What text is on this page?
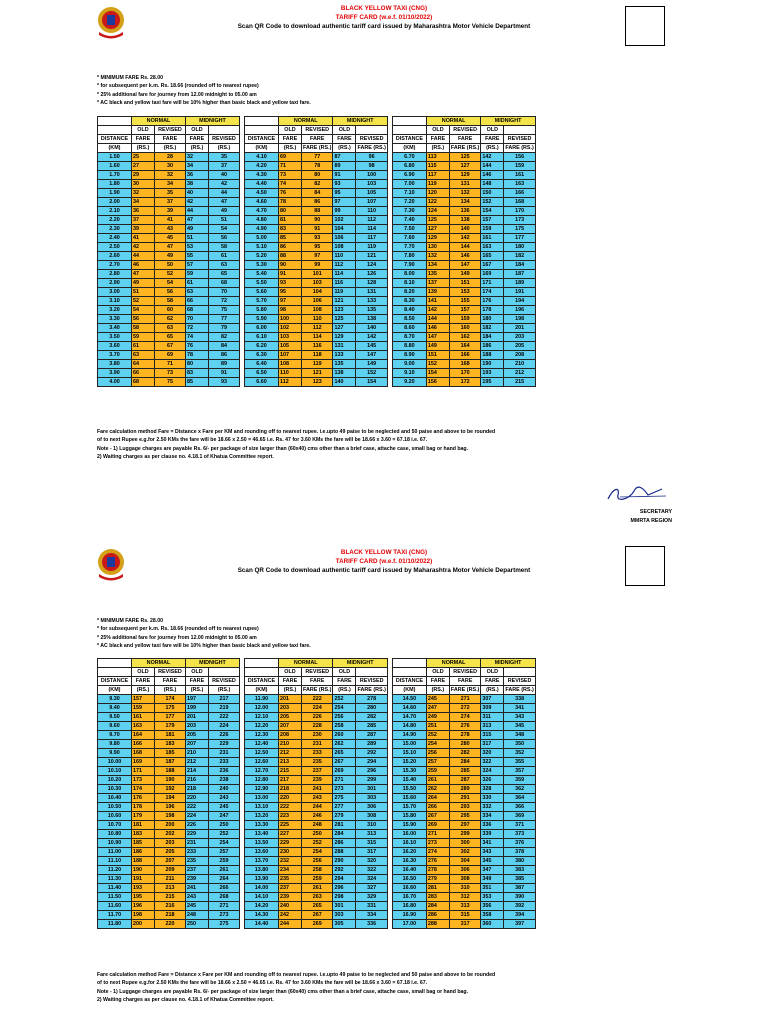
BLACK YELLOW TAXI (CNG)
TARIFF CARD (w.e.f. 01/10/2022)
Scan QR Code to download authentic tariff card issued by Maharashtra Motor Vehicle Department
* MINIMUM FARE Rs. 28.00
* for subsequent per k.m. Rs. 18.66 (rounded off to nearest rupee)
* 25% additional fare for journey from 12.00 midnight to 05.00 am
* AC black and yellow taxi fare will be 10% higher than basic black and yellow taxi fare.
	NORMAL		MIDNIGHT	
	OLD	REVISED	OLD	
DISTANCE	FARE	FARE	FARE	REVISED
(KM)	(RS.)	(RS.)	(RS.)	(RS.)
1.50	25	28	32	35
1.60	27	30	34	37
1.70	29	32	36	40
1.80	30	34	38	42
1.90	32	35	40	44
2.00	34	37	42	47
2.10	36	39	44	49
2.20	37	41	47	51
2.30	39	43	49	54
2.40	41	45	51	56
2.50	42	47	53	58
2.60	44	49	55	61
2.70	46	50	57	63
2.80	47	52	59	65
2.90	49	54	61	68
3.00	51	56	63	70
3.10	52	58	66	72
3.20	54	60	68	75
3.30	56	62	70	77
3.40	58	63	72	79
3.50	59	65	74	82
3.60	61	67	76	84
3.70	63	69	78	86
3.80	64	71	80	89
3.90	66	73	83	91
4.00	68	75	85	93
	NORMAL		MIDNIGHT	
	OLD	REVISED	OLD	
DISTANCE	FARE	FARE	FARE	REVISED
(KM)	(RS.)	FARE (RS.)	(RS.)	FARE (RS.)
4.10	69	77	87	96
4.20	71	78	89	98
4.30	73	80	91	100
4.40	74	82	93	103
4.50	76	84	95	105
4.60	78	86	97	107
4.70	80	88	99	110
4.80	81	90	102	112
4.90	83	91	104	114
5.00	85	93	106	117
5.10	86	95	108	119
5.20	88	97	110	121
5.30	90	99	112	124
5.40	91	101	114	126
5.50	93	103	116	128
5.60	95	104	119	131
5.70	97	106	121	133
5.80	98	108	123	135
5.90	100	110	125	138
6.00	102	112	127	140
6.10	103	114	129	142
6.20	105	116	131	145
6.30	107	118	133	147
6.40	108	119	135	149
6.50	110	121	138	152
6.60	112	123	140	154
	NORMAL		MIDNIGHT	
	OLD	REVISED	OLD	
DISTANCE	FARE	FARE	FARE	REVISED
(KM)	(RS.)	FARE (RS.)	(RS.)	FARE (RS.)
6.70	113	125	142	156
6.80	115	127	144	159
6.90	117	129	146	161
7.00	119	131	148	163
7.10	120	132	150	166
7.20	122	134	152	168
7.30	124	136	154	170
7.40	125	138	157	173
7.50	127	140	159	175
7.60	129	142	161	177
7.70	130	144	163	180
7.80	132	146	165	182
7.90	134	147	167	184
8.00	135	149	169	187
8.10	137	151	171	189
8.20	139	153	174	191
8.30	141	155	176	194
8.40	142	157	178	196
8.50	144	159	180	198
8.60	146	160	182	201
8.70	147	162	184	203
8.80	149	164	186	205
8.90	151	166	188	208
9.00	152	168	190	210
9.10	154	170	193	212
9.20	156	172	195	215
Fare calculation method Fare = Distance x Fare per KM and rounding off to nearest rupee. i.e.upto 49 paise to be neglected and 50 paise and above to be rounded
of to next Rupee e.g.for 2.50 KMs the fare will be 18.66 x 2.50 = 46.65 i.e. Rs. 47 for 3.60 KMs the fare will be 18.66 x 3.60 = 67.18 i.e. 67.
Note - 1) Luggage charges are payable Rs. 6/- per package of size larger than (60x40) cms other than a brief case, attache case, small bag or hand bag.
2) Waiting charges as per clause no. 4.18.1 of Khatua Committee report.
SECRETARY
MMRTA REGION
BLACK YELLOW TAXI (CNG)
TARIFF CARD (w.e.f. 01/10/2022)
Scan QR Code to download authentic tariff card issued by Maharashtra Motor Vehicle Department
* MINIMUM FARE Rs. 28.00
* for subsequent per k.m. Rs. 18.66 (rounded off to nearest rupee)
* 25% additional fare for journey from 12.00 midnight to 05.00 am
* AC black and yellow taxi fare will be 10% higher than basic black and yellow taxi fare.
	NORMAL		MIDNIGHT	
	OLD	REVISED	OLD	
DISTANCE	FARE	FARE	FARE	REVISED
(KM)	(RS.)	(RS.)	(RS.)	(RS.)
9.30	157	174	197	217
9.40	159	175	199	219
9.50	161	177	201	222
9.60	163	179	203	224
9.70	164	181	205	226
9.80	166	183	207	229
9.90	168	185	210	231
10.00	169	187	212	233
10.10	171	188	214	236
10.20	173	190	216	238
10.30	174	192	218	240
10.40	176	194	220	243
10.50	178	196	222	245
10.60	179	198	224	247
10.70	181	200	226	250
10.80	183	202	229	252
10.90	185	203	231	254
11.00	186	205	233	257
11.10	188	207	235	259
11.20	190	209	237	261
11.30	191	211	239	264
11.40	193	213	241	266
11.50	195	215	243	268
11.60	196	216	245	271
11.70	198	218	248	273
11.80	200	220	250	275
	NORMAL		MIDNIGHT	
	OLD	REVISED	OLD	
DISTANCE	FARE	FARE	FARE	REVISED
(KM)	(RS.)	FARE (RS.)	(RS.)	FARE (RS.)
11.90	201	222	252	278
12.00	203	224	254	280
12.10	205	226	256	282
12.20	207	228	258	285
12.30	208	230	260	287
12.40	210	231	262	289
12.50	212	233	265	292
12.60	213	235	267	294
12.70	215	237	269	296
12.80	217	239	271	299
12.90	218	241	273	301
13.00	220	243	275	303
13.10	222	244	277	306
13.20	223	246	279	308
13.30	225	248	281	310
13.40	227	250	284	313
13.50	229	252	286	315
13.60	230	254	288	317
13.70	232	256	290	320
13.80	234	258	292	322
13.90	235	259	294	324
14.00	237	261	296	327
14.10	239	263	298	329
14.20	240	265	301	331
14.30	242	267	303	334
14.40	244	269	305	336
	NORMAL		MIDNIGHT	
	OLD	REVISED	OLD	
DISTANCE	FARE	FARE	FARE	REVISED
(KM)	(RS.)	FARE (RS.)	(RS.)	FARE (RS.)
14.50	245	271	307	338
14.60	247	272	309	341
14.70	249	274	311	343
14.80	251	276	313	345
14.90	252	278	315	348
15.00	254	280	317	350
15.10	256	282	320	352
15.20	257	284	322	355
15.30	259	285	324	357
15.40	261	287	326	359
15.50	262	289	328	362
15.60	264	291	330	364
15.70	266	293	332	366
15.80	267	295	334	369
15.90	269	297	336	371
16.00	271	299	339	373
16.10	273	300	341	376
16.20	274	302	343	378
16.30	276	304	345	380
16.40	278	306	347	383
16.50	279	308	349	385
16.60	281	310	351	387
16.70	283	312	353	390
16.80	284	313	356	392
16.90	286	315	358	394
17.00	288	317	360	397
Fare calculation method Fare = Distance x Fare per KM and rounding off to nearest rupee. i.e.upto 49 paise to be neglected and 50 paise and above to be rounded
of to next Rupee e.g.for 2.50 KMs the fare will be 18.66 x 2.50 = 46.65 i.e. Rs. 47 for 3.60 KMs the fare will be 18.66 x 3.60 = 67.18 i.e. 67.
Note - 1) Luggage charges are payable Rs. 6/- per package of size larger than (60x40) cms other than a brief case, attache case, small bag or hand bag.
2) Waiting charges as per clause no. 4.18.1 of Khatua Committee report.
